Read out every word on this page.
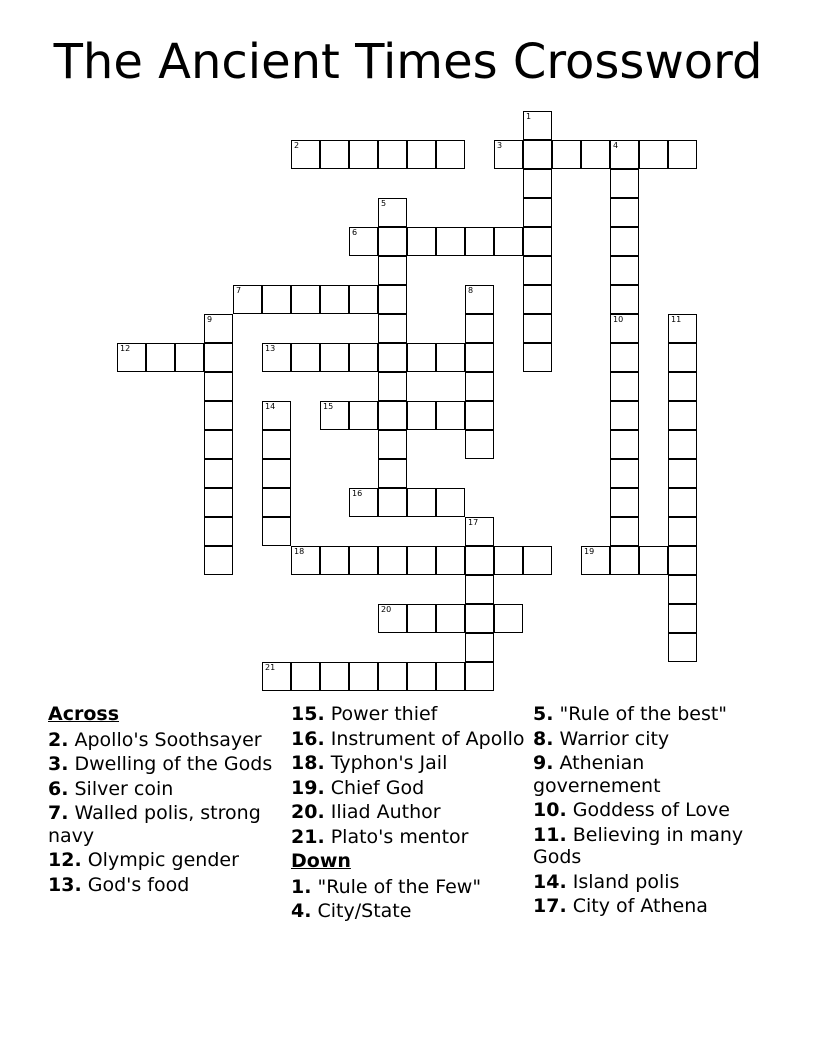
The Ancient Times Crossword
1
2	3	4
5
6
7	8
9	10	11
12	13
14	15
16
17
18	19
20
21
Across
2. Apollo's Soothsayer
3. Dwelling of the Gods
6. Silver coin
7. Walled polis, strong navy
12. Olympic gender
13. God's food
15. Power thief
16. Instrument of Apollo
18. Typhon's Jail
19. Chief God
20. Iliad Author
21. Plato's mentor
Down
1. "Rule of the Few"
4. City/State
5. "Rule of the best"
8. Warrior city
9. Athenian governement
10. Goddess of Love
11. Believing in many Gods
14. Island polis
17. City of Athena
